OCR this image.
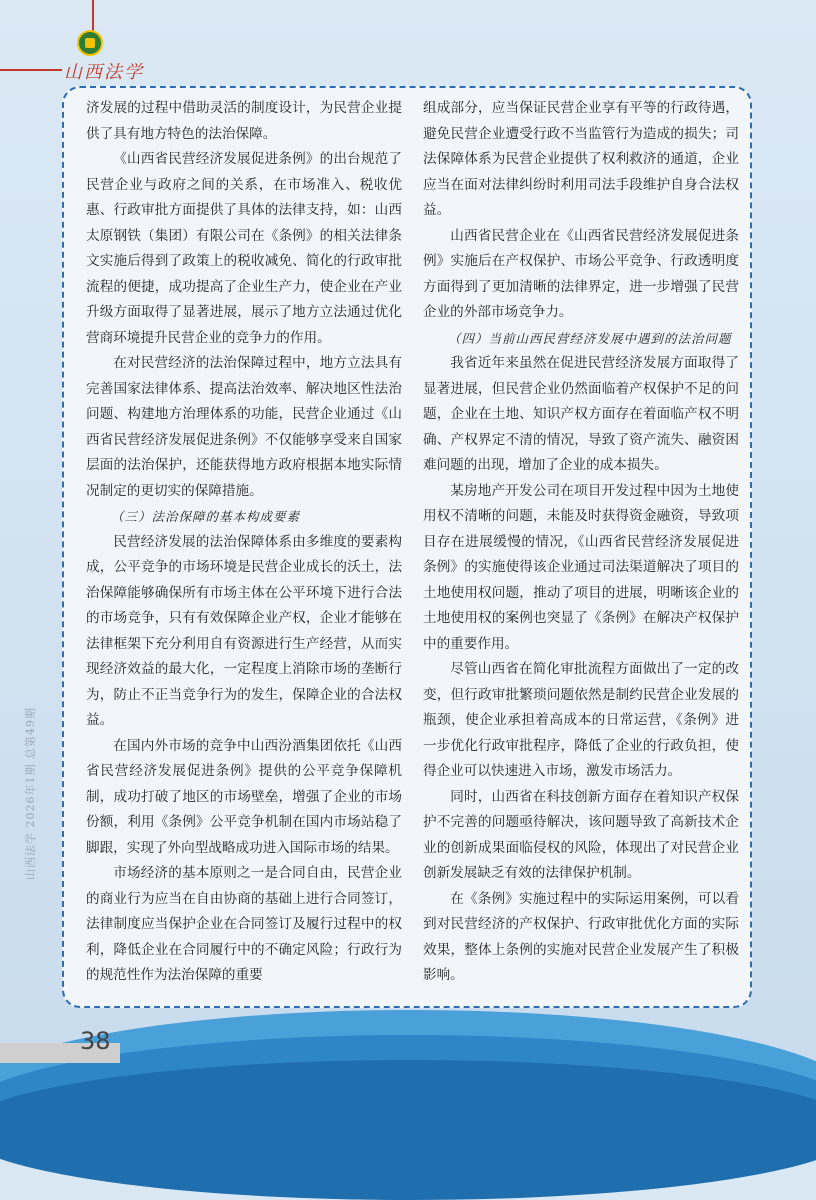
山西法学
山西法学 2026年1期 总第49期

济发展的过程中借助灵活的制度设计，为民营企业提供了具有地方特色的法治保障。

《山西省民营经济发展促进条例》的出台规范了民营企业与政府之间的关系，在市场准入、税收优惠、行政审批方面提供了具体的法律支持，如：山西太原钢铁（集团）有限公司在《条例》的相关法律条文实施后得到了政策上的税收减免、简化的行政审批流程的便捷，成功提高了企业生产力，使企业在产业升级方面取得了显著进展，展示了地方立法通过优化营商环境提升民营企业的竞争力的作用。

在对民营经济的法治保障过程中，地方立法具有完善国家法律体系、提高法治效率、解决地区性法治问题、构建地方治理体系的功能，民营企业通过《山西省民营经济发展促进条例》不仅能够享受来自国家层面的法治保护，还能获得地方政府根据本地实际情况制定的更切实的保障措施。

（三）法治保障的基本构成要素

民营经济发展的法治保障体系由多维度的要素构成，公平竞争的市场环境是民营企业成长的沃土，法治保障能够确保所有市场主体在公平环境下进行合法的市场竞争，只有有效保障企业产权，企业才能够在法律框架下充分利用自有资源进行生产经营，从而实现经济效益的最大化，一定程度上消除市场的垄断行为，防止不正当竞争行为的发生，保障企业的合法权益。

在国内外市场的竞争中山西汾酒集团依托《山西省民营经济发展促进条例》提供的公平竞争保障机制，成功打破了地区的市场壁垒，增强了企业的市场份额，利用《条例》公平竞争机制在国内市场站稳了脚跟，实现了外向型战略成功进入国际市场的结果。

市场经济的基本原则之一是合同自由，民营企业的商业行为应当在自由协商的基础上进行合同签订，法律制度应当保护企业在合同签订及履行过程中的权利，降低企业在合同履行中的不确定风险；行政行为的规范性作为法治保障的重要

组成部分，应当保证民营企业享有平等的行政待遇，避免民营企业遭受行政不当监管行为造成的损失；司法保障体系为民营企业提供了权利救济的通道，企业应当在面对法律纠纷时利用司法手段维护自身合法权益。

山西省民营企业在《山西省民营经济发展促进条例》实施后在产权保护、市场公平竞争、行政透明度方面得到了更加清晰的法律界定，进一步增强了民营企业的外部市场竞争力。

（四）当前山西民营经济发展中遇到的法治问题

我省近年来虽然在促进民营经济发展方面取得了显著进展，但民营企业仍然面临着产权保护不足的问题，企业在土地、知识产权方面存在着面临产权不明确、产权界定不清的情况，导致了资产流失、融资困难问题的出现，增加了企业的成本损失。

某房地产开发公司在项目开发过程中因为土地使用权不清晰的问题，未能及时获得资金融资，导致项目存在进展缓慢的情况，《山西省民营经济发展促进条例》的实施使得该企业通过司法渠道解决了项目的土地使用权问题，推动了项目的进展，明晰该企业的土地使用权的案例也突显了《条例》在解决产权保护中的重要作用。

尽管山西省在简化审批流程方面做出了一定的改变，但行政审批繁琐问题依然是制约民营企业发展的瓶颈，使企业承担着高成本的日常运营，《条例》进一步优化行政审批程序，降低了企业的行政负担，使得企业可以快速进入市场，激发市场活力。

同时，山西省在科技创新方面存在着知识产权保护不完善的问题亟待解决，该问题导致了高新技术企业的创新成果面临侵权的风险，体现出了对民营企业创新发展缺乏有效的法律保护机制。

在《条例》实施过程中的实际运用案例，可以看到对民营经济的产权保护、行政审批优化方面的实际效果，整体上条例的实施对民营企业发展产生了积极影响。

38
